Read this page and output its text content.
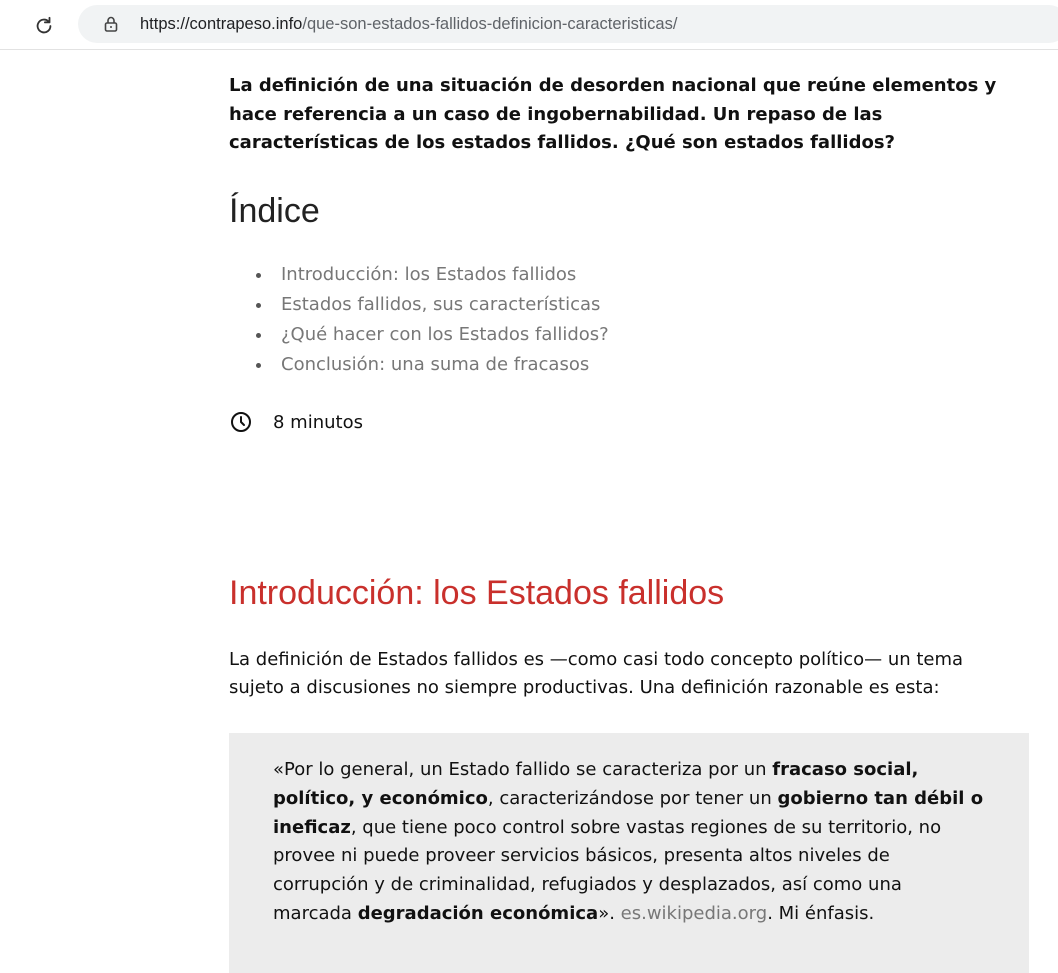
https://contrapeso.info/que-son-estados-fallidos-definicion-caracteristicas/

La definición de una situación de desorden nacional que reúne elementos y hace referencia a un caso de ingobernabilidad. Un repaso de las características de los estados fallidos. ¿Qué son estados fallidos?

Índice
Introducción: los Estados fallidos
Estados fallidos, sus características
¿Qué hacer con los Estados fallidos?
Conclusión: una suma de fracasos
8 minutos
Introducción: los Estados fallidos

La definición de Estados fallidos es —como casi todo concepto político— un tema sujeto a discusiones no siempre productivas. Una definición razonable es esta:

«Por lo general, un Estado fallido se caracteriza por un fracaso social, político, y económico, caracterizándose por tener un gobierno tan débil o ineficaz, que tiene poco control sobre vastas regiones de su territorio, no provee ni puede proveer servicios básicos, presenta altos niveles de corrupción y de criminalidad, refugiados y desplazados, así como una marcada degradación económica». es.wikipedia.org. Mi énfasis.
